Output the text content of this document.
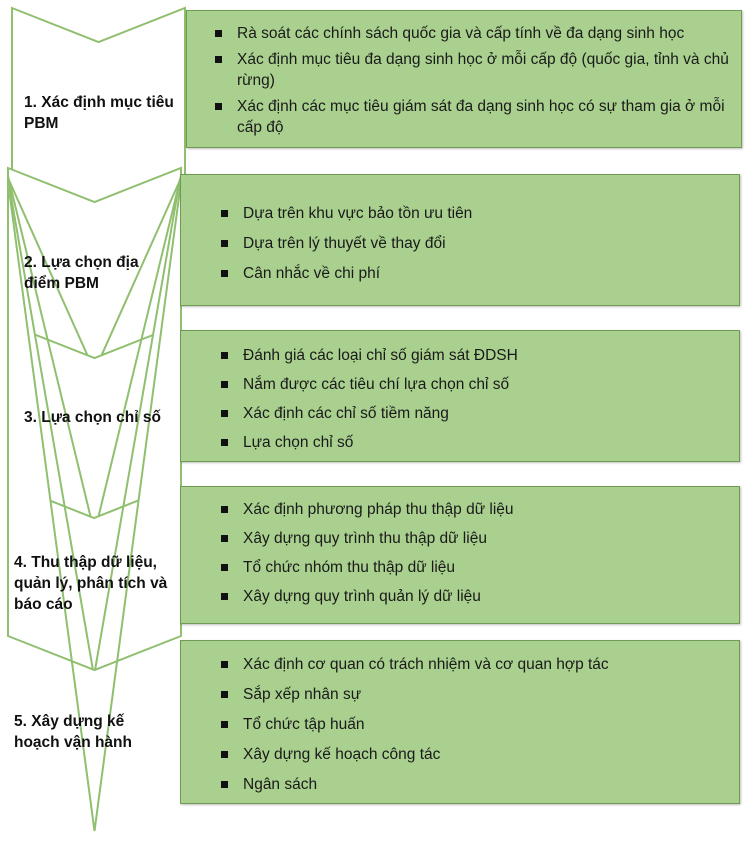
1. Xác định mục tiêu PBM
Rà soát các chính sách quốc gia và cấp tính về đa dạng sinh học
Xác định mục tiêu đa dạng sinh học ở mỗi cấp độ (quốc gia, tỉnh và chủ rừng)
Xác định các mục tiêu giám sát đa dạng sinh học có sự tham gia ở mỗi cấp độ
2. Lựa chọn địa điểm PBM
Dựa trên khu vực bảo tồn ưu tiên
Dựa trên lý thuyết về thay đổi
Cân nhắc về chi phí
3. Lựa chọn chỉ số
Đánh giá các loại chỉ số giám sát ĐDSH
Nắm được các tiêu chí lựa chọn chỉ số
Xác định các chỉ số tiềm năng
Lựa chọn chỉ số
4. Thu thập dữ liệu, quản lý, phân tích và báo cáo
Xác định phương pháp thu thập dữ liệu
Xây dựng quy trình thu thập dữ liệu
Tổ chức nhóm thu thập dữ liệu
Xây dựng quy trình quản lý dữ liệu
5. Xây dựng kế hoạch vận hành
Xác định cơ quan có trách nhiệm và cơ quan hợp tác
Sắp xếp nhân sự
Tổ chức tập huấn
Xây dựng kế hoạch công tác
Ngân sách
